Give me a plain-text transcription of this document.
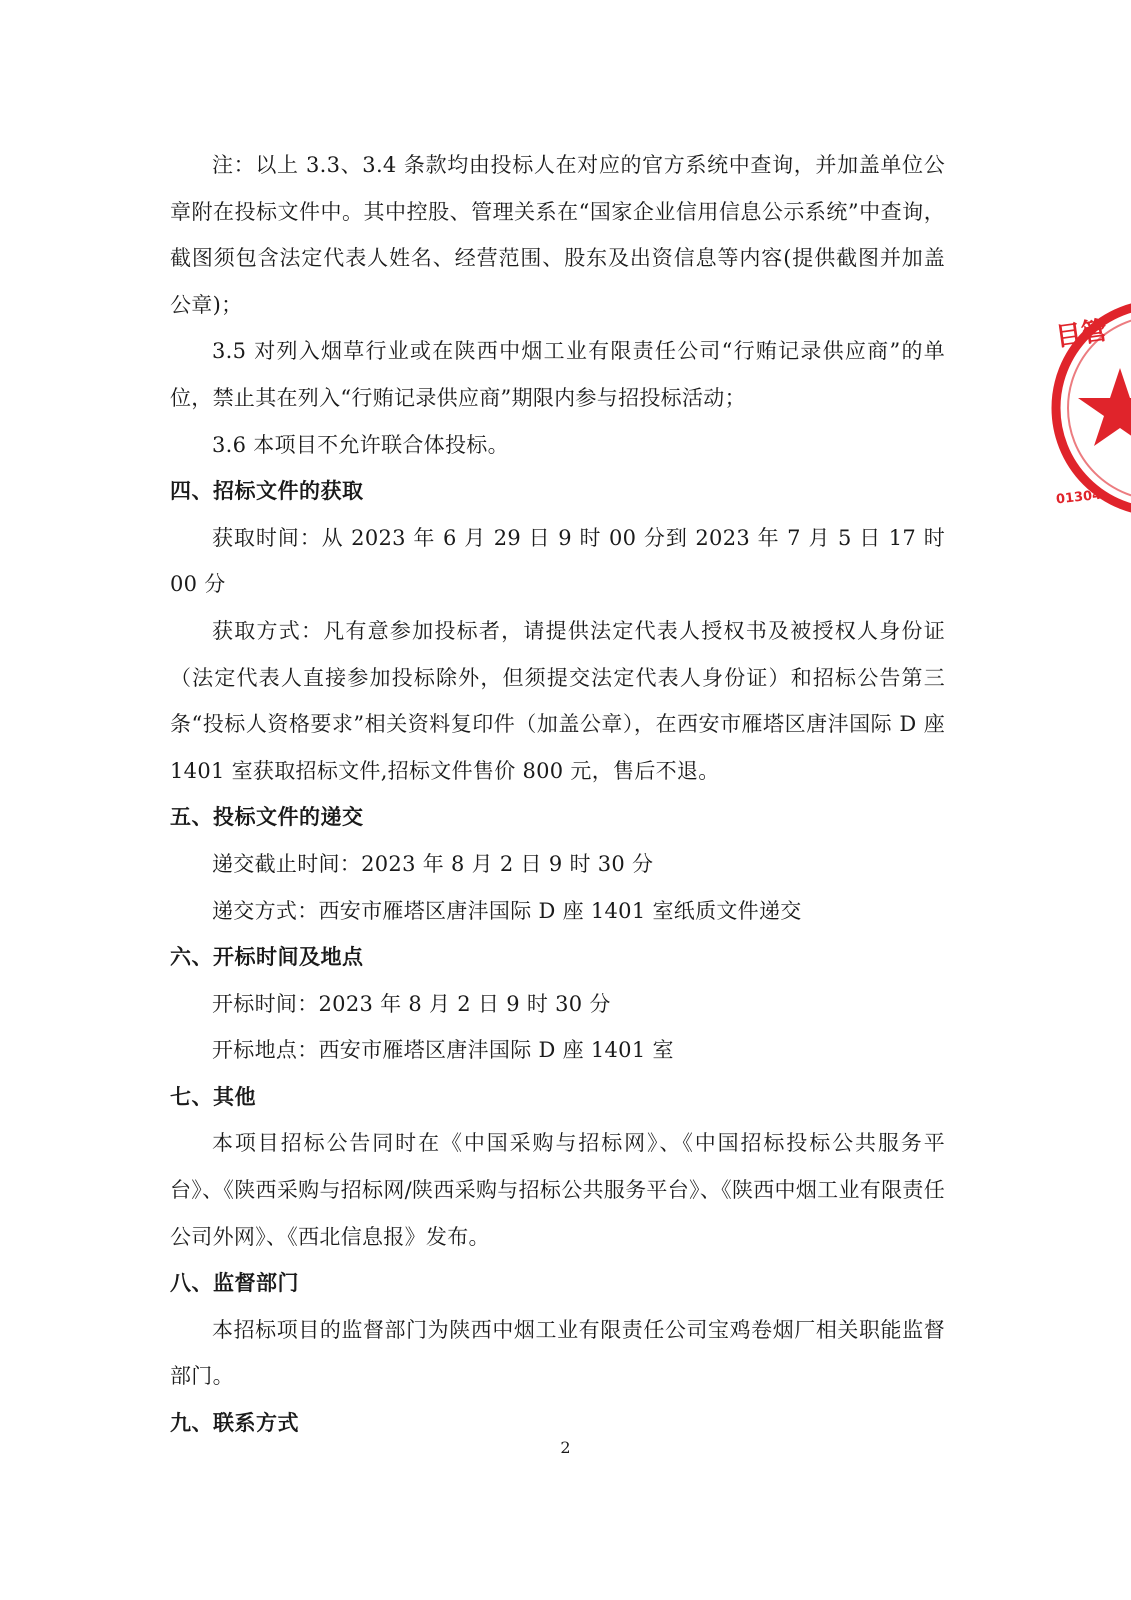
注：以上 3.3、3.4 条款均由投标人在对应的官方系统中查询，并加盖单位公章附在投标文件中。其中控股、管理关系在“国家企业信用信息公示系统”中查询，截图须包含法定代表人姓名、经营范围、股东及出资信息等内容(提供截图并加盖公章)；

3.5 对列入烟草行业或在陕西中烟工业有限责任公司“行贿记录供应商”的单位，禁止其在列入“行贿记录供应商”期限内参与招投标活动；

3.6 本项目不允许联合体投标。

四、招标文件的获取

获取时间：从 2023 年 6 月 29 日 9 时 00 分到 2023 年 7 月 5 日 17 时 00 分

获取方式：凡有意参加投标者，请提供法定代表人授权书及被授权人身份证（法定代表人直接参加投标除外，但须提交法定代表人身份证）和招标公告第三条“投标人资格要求”相关资料复印件（加盖公章），在西安市雁塔区唐沣国际 D 座 1401 室获取招标文件,招标文件售价 800 元，售后不退。

五、投标文件的递交

递交截止时间：2023 年 8 月 2 日 9 时 30 分

递交方式：西安市雁塔区唐沣国际 D 座 1401 室纸质文件递交

六、开标时间及地点

开标时间：2023 年 8 月 2 日 9 时 30 分

开标地点：西安市雁塔区唐沣国际 D 座 1401 室

七、其他

本项目招标公告同时在《中国采购与招标网》、《中国招标投标公共服务平台》、《陕西采购与招标网/陕西采购与招标公共服务平台》、《陕西中烟工业有限责任公司外网》、《西北信息报》发布。

八、监督部门

本招标项目的监督部门为陕西中烟工业有限责任公司宝鸡卷烟厂相关职能监督部门。

九、联系方式

目管
01304
2
